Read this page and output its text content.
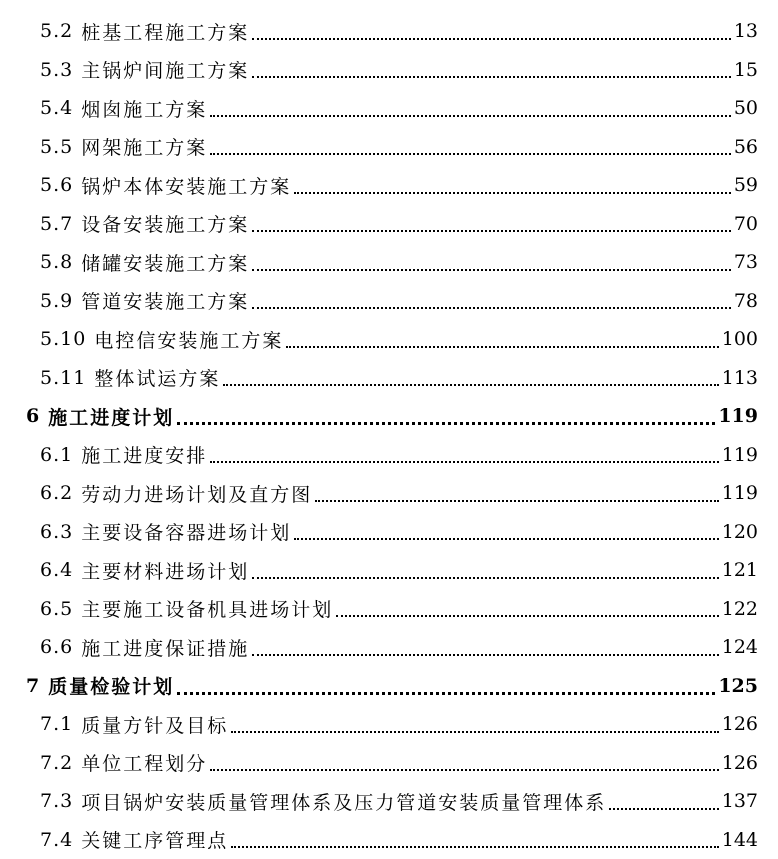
5.2 桩基工程施工方案	13
5.3 主锅炉间施工方案	15
5.4 烟囱施工方案	50
5.5 网架施工方案	56
5.6 锅炉本体安装施工方案	59
5.7 设备安装施工方案	70
5.8 储罐安装施工方案	73
5.9 管道安装施工方案	78
5.10 电控信安装施工方案	100
5.11 整体试运方案	113
6 施工进度计划	119
6.1 施工进度安排	119
6.2 劳动力进场计划及直方图	119
6.3 主要设备容器进场计划	120
6.4 主要材料进场计划	121
6.5 主要施工设备机具进场计划	122
6.6 施工进度保证措施	124
7 质量检验计划	125
7.1 质量方针及目标	126
7.2 单位工程划分	126
7.3 项目锅炉安装质量管理体系及压力管道安装质量管理体系	137
7.4 关键工序管理点	144
